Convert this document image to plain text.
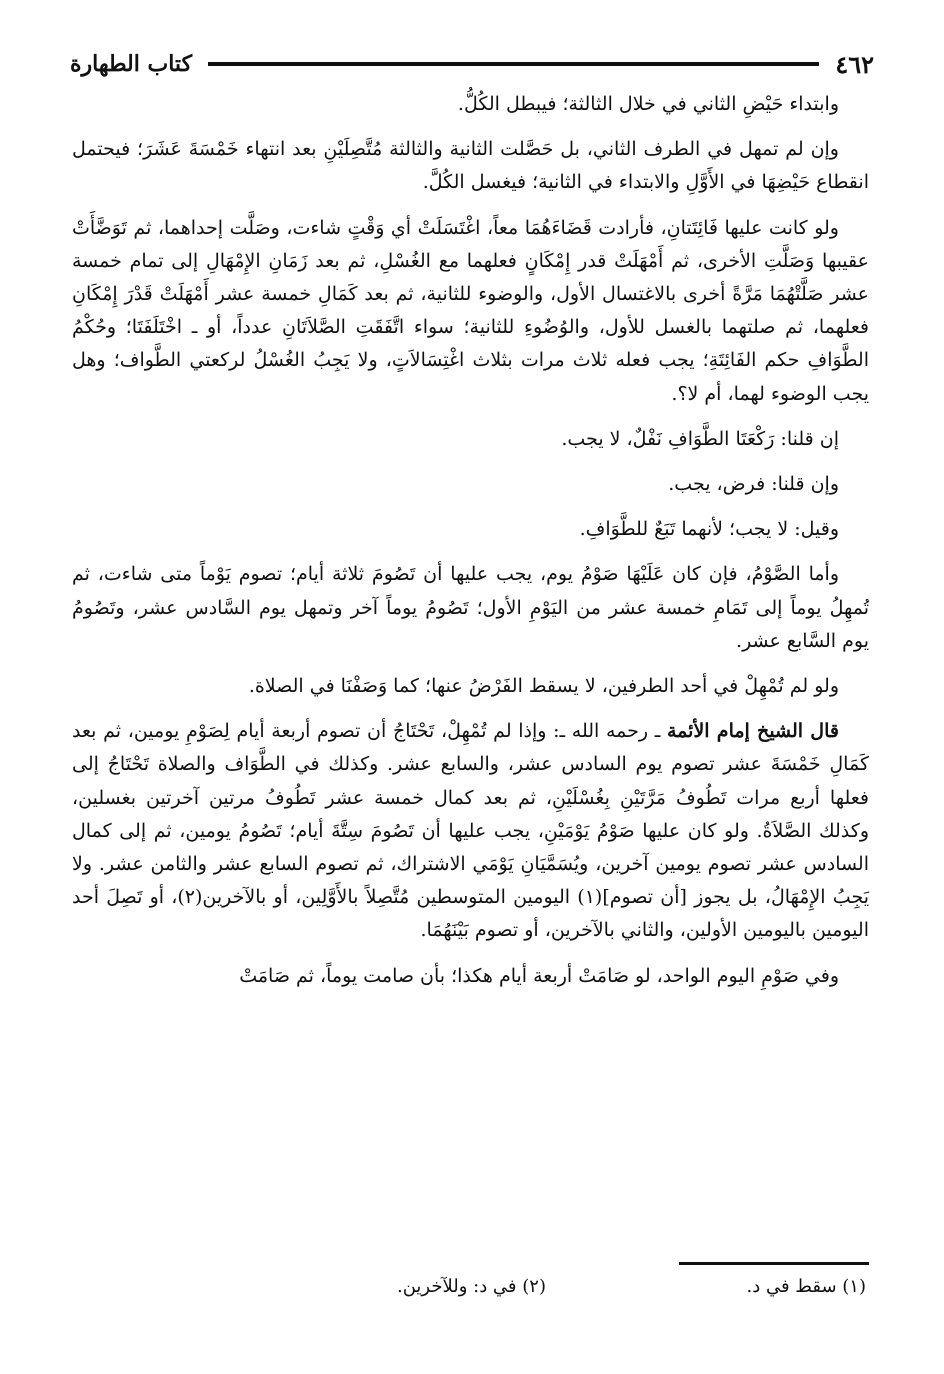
٤٦٢
كتاب الطهارة

وابتداء حَيْضِ الثاني في خلال الثالثة؛ فيبطل الكُلُّ.

وإن لم تمهل في الطرف الثاني، بل حَصَّلت الثانية والثالثة مُتَّصِلَيْنِ بعد انتهاء خَمْسَةَ عَشَرَ؛ فيحتمل انقطاع حَيْضِهَا في الأَوَّلِ والابتداء في الثانية؛ فيغسل الكُلَّ.

ولو كانت عليها فَائِتَتانِ، فأرادت قَضَاءَهُمَا معاً، اغْتَسَلَتْ أي وَقْتٍ شاءت، وصَلَّت إحداهما، ثم تَوَضَّأَتْ عقيبها وَصَلَّتِ الأخرى، ثم أَمْهَلَتْ قدر إِمْكَانٍ فعلهما مع الغُسْلِ، ثم بعد زَمَانِ الإِمْهَالِ إلى تمام خمسة عشر صَلَّتْهُمَا مَرَّةً أخرى بالاغتسال الأول، والوضوء للثانية، ثم بعد كَمَالِ خمسة عشر أَمْهَلَتْ قَدْرَ إِمْكَانِ فعلهما، ثم صلتهما بالغسل للأول، والوُضُوءِ للثانية؛ سواء اتَّفَقَتِ الصَّلاَتَانِ عدداً، أو ـ اخْتَلَفَتَا؛ وحُكْمُ الطَّوَافِ حكم الفَائِتَةِ؛ يجب فعله ثلاث مرات بثلاث اغْتِسَالاَتٍ، ولا يَجِبُ الغُسْلُ لركعتي الطَّواف؛ وهل يجب الوضوء لهما، أم لا؟.

إن قلنا: رَكْعَتَا الطَّوَافِ نَفْلٌ، لا يجب.

وإن قلنا: فرض، يجب.

وقيل: لا يجب؛ لأنهما تَبَعٌ للطَّوَافِ.

وأما الصَّوْمُ، فإن كان عَلَيْهَا صَوْمُ يوم، يجب عليها أن تَصُومَ ثلاثة أيام؛ تصوم يَوْماً متى شاءت، ثم تُمهِلُ يوماً إلى تَمَامِ خمسة عشر من اليَوْمِ الأول؛ تَصُومُ يوماً آخر وتمهل يوم السَّادس عشر، وتَصُومُ يوم السَّابع عشر.

ولو لم تُمْهِلْ في أحد الطرفين، لا يسقط الفَرْضُ عنها؛ كما وَصَفْنَا في الصلاة.

قال الشيخ إمام الأئمة ـ رحمه الله ـ: وإذا لم تُمْهِلْ، تَحْتَاجُ أن تصوم أربعة أيام لِصَوْمِ يومين، ثم بعد كَمَالِ خَمْسَةَ عشر تصوم يوم السادس عشر، والسابع عشر. وكذلك في الطَّوَاف والصلاة تَحْتَاجُ إلى فعلها أربع مرات تَطُوفُ مَرَّتَيْنِ بِغُسْلَيْنِ، ثم بعد كمال خمسة عشر تَطُوفُ مرتين آخرتين بغسلين، وكذلك الصَّلاَةُ. ولو كان عليها صَوْمُ يَوْمَيْنِ، يجب عليها أن تَصُومَ سِتَّةَ أيام؛ تَصُومُ يومين، ثم إلى كمال السادس عشر تصوم يومين آخرين، ويُسَمَّيَانِ يَوْمَي الاشتراك، ثم تصوم السابع عشر والثامن عشر. ولا يَجِبُ الإِمْهَالُ، بل يجوز [أن تصوم](١) اليومين المتوسطين مُتَّصِلاً بالأَوَّلِين، أو بالآخرين(٢)، أو تَصِلَ أحد اليومين باليومين الأولين، والثاني بالآخرين، أو تصوم بَيْنَهُمَا.

وفي صَوْمِ اليوم الواحد، لو صَامَتْ أربعة أيام هكذا؛ بأن صامت يوماً، ثم صَامَتْ

(١) سقط في د.
(٢) في د: وللآخرين.
